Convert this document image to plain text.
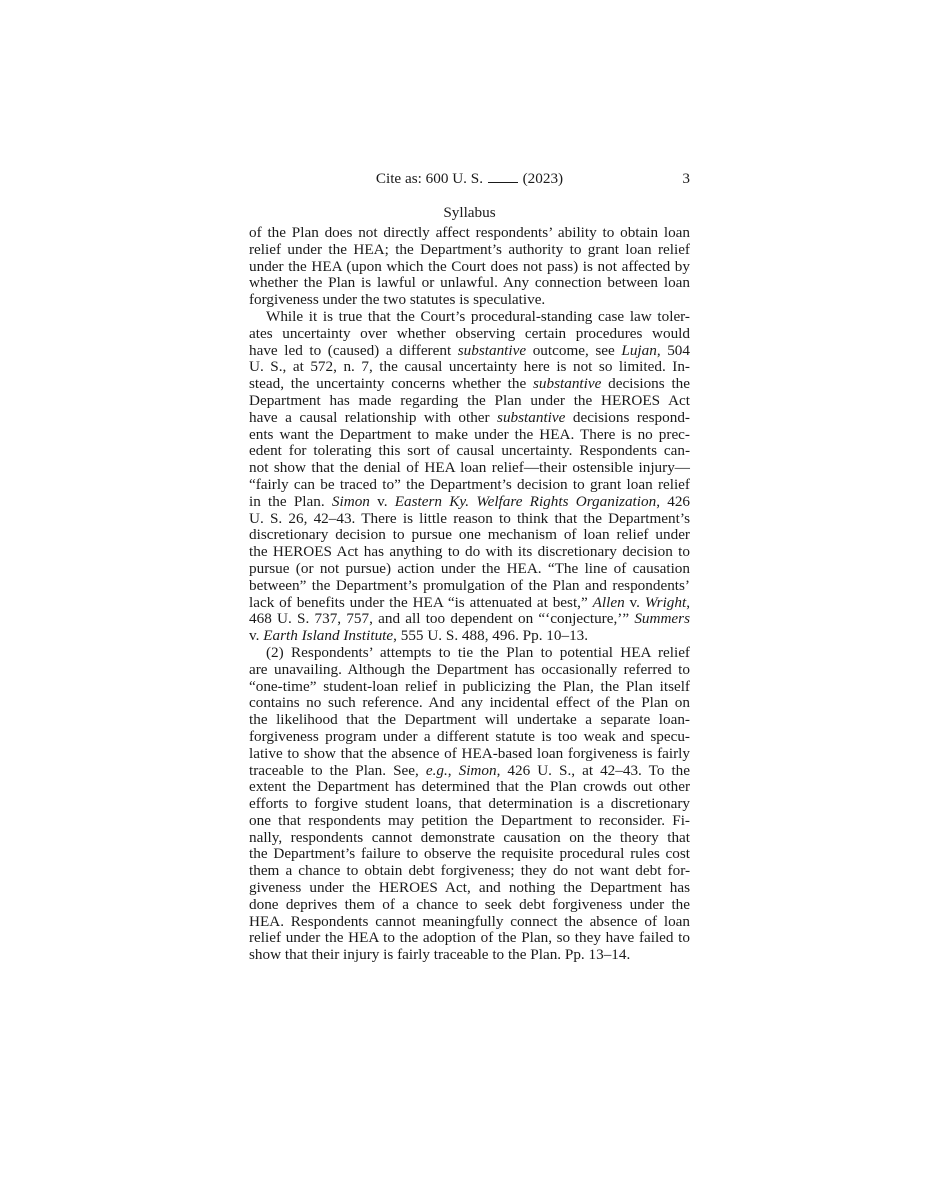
Cite as: 600 U. S.	(2023)	3
Syllabus
of the Plan does not directly affect respondents’ ability to obtain loan
relief under the HEA; the Department’s authority to grant loan relief
under the HEA (upon which the Court does not pass) is not affected by
whether the Plan is lawful or unlawful. Any connection between loan
forgiveness under the two statutes is speculative.
While it is true that the Court’s procedural-standing case law toler-
ates uncertainty over whether observing certain procedures would
have led to (caused) a different substantive outcome, see Lujan, 504
U. S., at 572, n. 7, the causal uncertainty here is not so limited. In-
stead, the uncertainty concerns whether the substantive decisions the
Department has made regarding the Plan under the HEROES Act
have a causal relationship with other substantive decisions respond-
ents want the Department to make under the HEA. There is no prec-
edent for tolerating this sort of causal uncertainty. Respondents can-
not show that the denial of HEA loan relief—their ostensible injury—
“fairly can be traced to” the Department’s decision to grant loan relief
in the Plan. Simon v. Eastern Ky. Welfare Rights Organization, 426
U. S. 26, 42–43. There is little reason to think that the Department’s
discretionary decision to pursue one mechanism of loan relief under
the HEROES Act has anything to do with its discretionary decision to
pursue (or not pursue) action under the HEA. “The line of causation
between” the Department’s promulgation of the Plan and respondents’
lack of benefits under the HEA “is attenuated at best,” Allen v. Wright,
468 U. S. 737, 757, and all too dependent on “‘conjecture,’” Summers
v. Earth Island Institute, 555 U. S. 488, 496. Pp. 10–13.
(2) Respondents’ attempts to tie the Plan to potential HEA relief
are unavailing. Although the Department has occasionally referred to
“one-time” student-loan relief in publicizing the Plan, the Plan itself
contains no such reference. And any incidental effect of the Plan on
the likelihood that the Department will undertake a separate loan-
forgiveness program under a different statute is too weak and specu-
lative to show that the absence of HEA-based loan forgiveness is fairly
traceable to the Plan. See, e.g., Simon, 426 U. S., at 42–43. To the
extent the Department has determined that the Plan crowds out other
efforts to forgive student loans, that determination is a discretionary
one that respondents may petition the Department to reconsider. Fi-
nally, respondents cannot demonstrate causation on the theory that
the Department’s failure to observe the requisite procedural rules cost
them a chance to obtain debt forgiveness; they do not want debt for-
giveness under the HEROES Act, and nothing the Department has
done deprives them of a chance to seek debt forgiveness under the
HEA. Respondents cannot meaningfully connect the absence of loan
relief under the HEA to the adoption of the Plan, so they have failed to
show that their injury is fairly traceable to the Plan. Pp. 13–14.
